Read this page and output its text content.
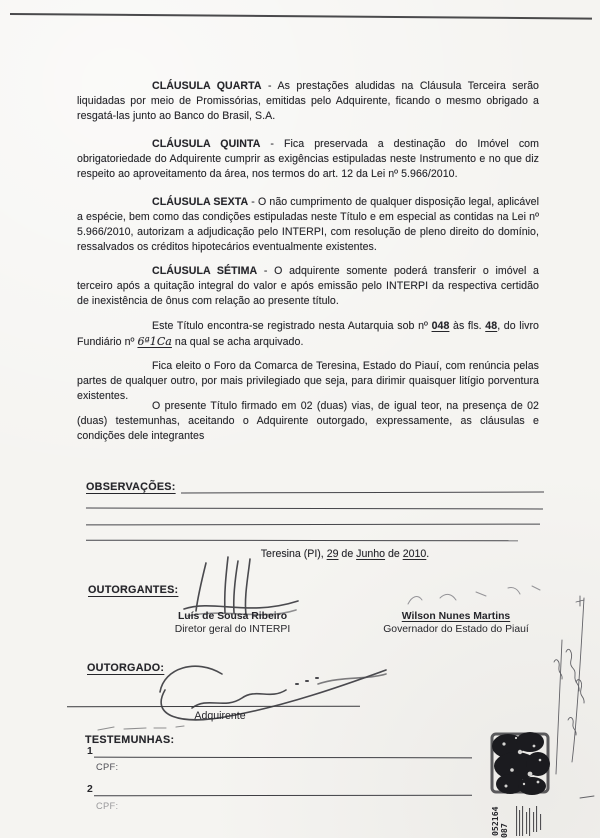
CLÁUSULA QUARTA - As prestações aludidas na Cláusula Terceira serão liquidadas por meio de Promissórias, emitidas pelo Adquirente, ficando o mesmo obrigado a resgatá-las junto ao Banco do Brasil, S.A.
CLÁUSULA QUINTA - Fica preservada a destinação do Imóvel com obrigatoriedade do Adquirente cumprir as exigências estipuladas neste Instrumento e no que diz respeito ao aproveitamento da área, nos termos do art. 12 da Lei nº 5.966/2010.
CLÁUSULA SEXTA - O não cumprimento de qualquer disposição legal, aplicável a espécie, bem como das condições estipuladas neste Título e em especial as contidas na Lei nº 5.966/2010, autorizam a adjudicação pelo INTERPI, com resolução de pleno direito do domínio, ressalvados os créditos hipotecários eventualmente existentes.
CLÁUSULA SÉTIMA - O adquirente somente poderá transferir o imóvel a terceiro após a quitação integral do valor e após emissão pelo INTERPI da respectiva certidão de inexistência de ônus com relação ao presente título.
Este Título encontra-se registrado nesta Autarquia sob nº 048 às fls. 48, do livro Fundiário nº 6ª1Ca na qual se acha arquivado.
Fica eleito o Foro da Comarca de Teresina, Estado do Piauí, com renúncia pelas partes de qualquer outro, por mais privilegiado que seja, para dirimir quaisquer litígio porventura existentes.
O presente Título firmado em 02 (duas) vias, de igual teor, na presença de 02 (duas) testemunhas, aceitando o Adquirente outorgado, expressamente, as cláusulas e condições dele integrantes
OBSERVAÇÕES:
Teresina (PI), 29 de Junho de 2010.
OUTORGANTES:
Luís de Sousa Ribeiro
Diretor geral do INTERPI
Wilson Nunes Martins
Governador do Estado do Piauí
OUTORGADO:
Adquirente
TESTEMUNHAS:
1
CPF:
2
CPF:
052164 087
